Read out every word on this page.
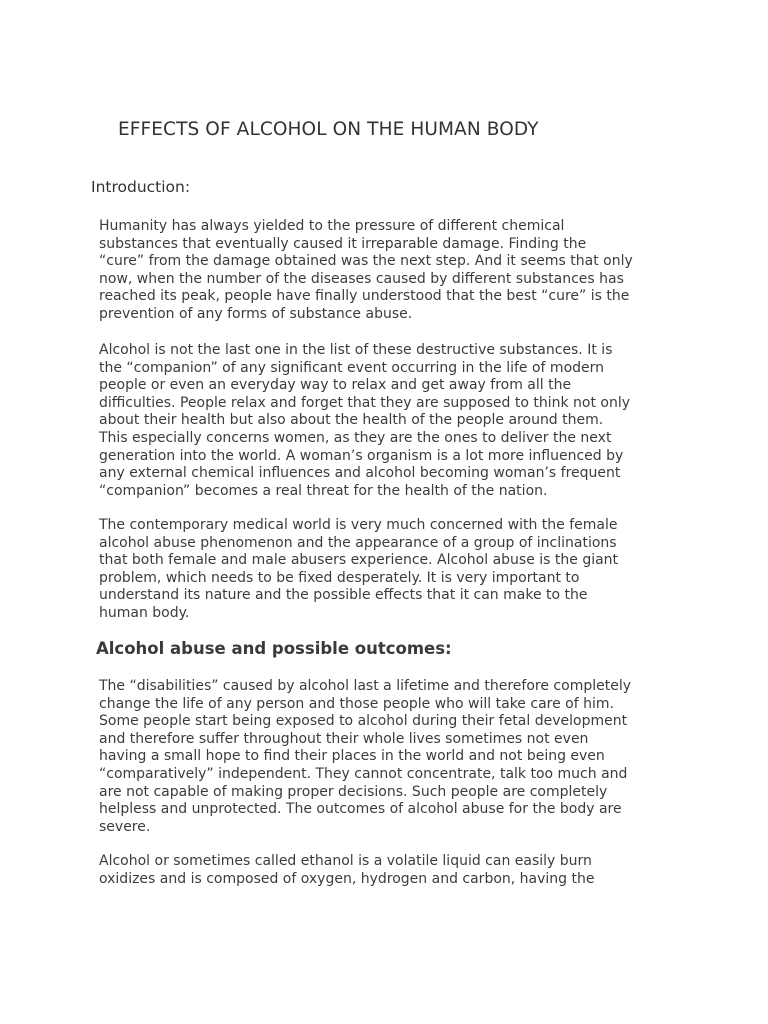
EFFECTS OF ALCOHOL ON THE HUMAN BODY
Introduction:

Humanity has always yielded to the pressure of different chemical
substances that eventually caused it irreparable damage. Finding the
“cure” from the damage obtained was the next step. And it seems that only
now, when the number of the diseases caused by different substances has
reached its peak, people have finally understood that the best “cure” is the
prevention of any forms of substance abuse.

Alcohol is not the last one in the list of these destructive substances. It is
the “companion” of any significant event occurring in the life of modern
people or even an everyday way to relax and get away from all the
difficulties. People relax and forget that they are supposed to think not only
about their health but also about the health of the people around them.
This especially concerns women, as they are the ones to deliver the next
generation into the world. A woman’s organism is a lot more influenced by
any external chemical influences and alcohol becoming woman’s frequent
“companion” becomes a real threat for the health of the nation.

The contemporary medical world is very much concerned with the female
alcohol abuse phenomenon and the appearance of a group of inclinations
that both female and male abusers experience. Alcohol abuse is the giant
problem, which needs to be fixed desperately. It is very important to
understand its nature and the possible effects that it can make to the
human body.

Alcohol abuse and possible outcomes:

The “disabilities” caused by alcohol last a lifetime and therefore completely
change the life of any person and those people who will take care of him.
Some people start being exposed to alcohol during their fetal development
and therefore suffer throughout their whole lives sometimes not even
having a small hope to find their places in the world and not being even
“comparatively” independent. They cannot concentrate, talk too much and
are not capable of making proper decisions. Such people are completely
helpless and unprotected. The outcomes of alcohol abuse for the body are
severe.

Alcohol or sometimes called ethanol is a volatile liquid can easily burn
oxidizes and is composed of oxygen, hydrogen and carbon, having the
